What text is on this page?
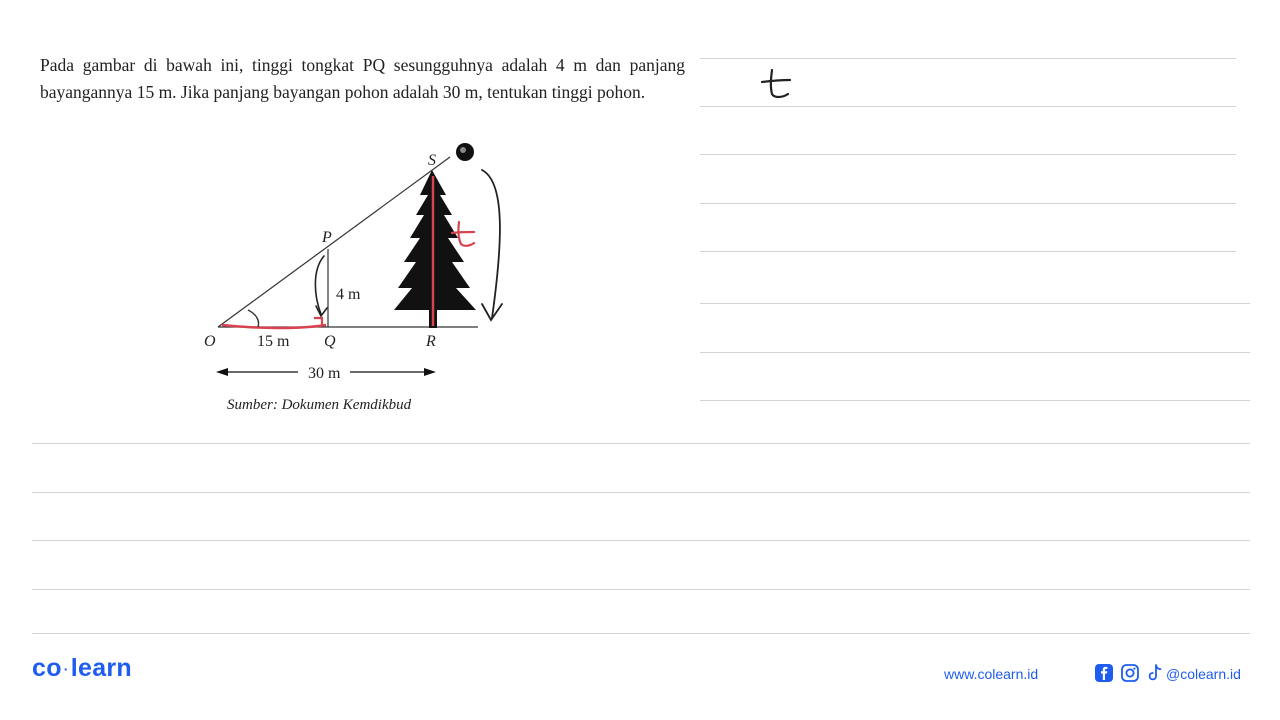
Pada gambar di bawah ini, tinggi tongkat PQ sesungguhnya adalah 4 m dan panjang bayangannya 15 m. Jika panjang bayangan pohon adalah 30 m, tentukan tinggi pohon.
t
S
P
O	Q	R
4 m
15 m
30 m
Sumber: Dokumen Kemdikbud
co ·learn	www.colearn.id	@colearn.id
